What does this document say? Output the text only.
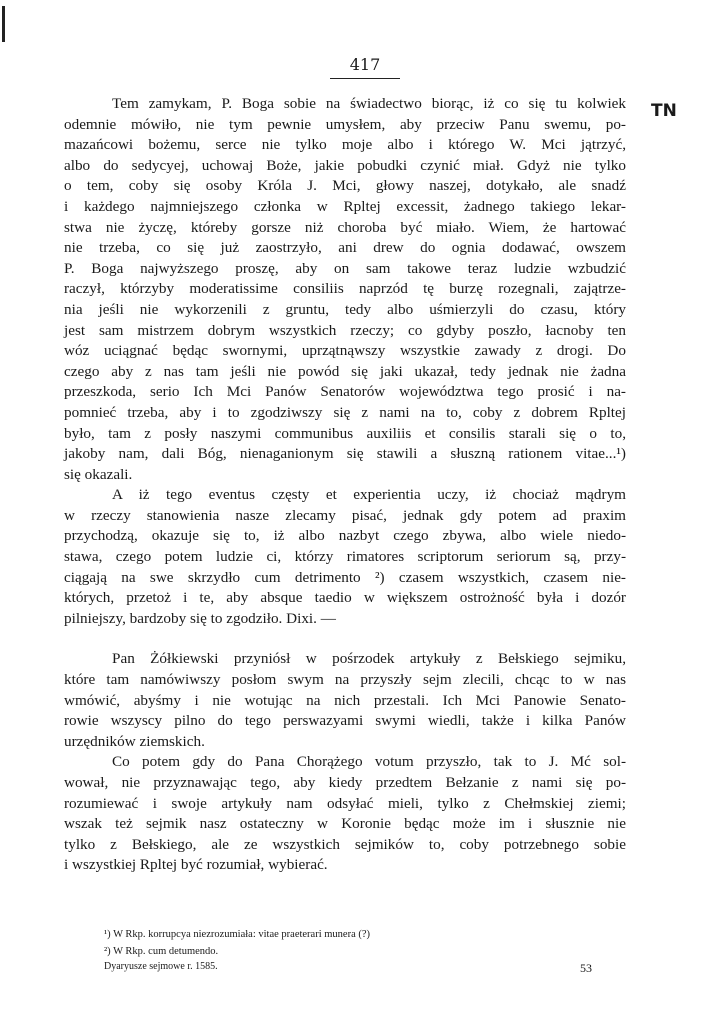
417
TN
Tem zamykam, P. Boga sobie na świadectwo biorąc, iż co się tu kolwiek
odemnie mówiło, nie tym pewnie umysłem, aby przeciw Panu swemu, po-
mazańcowi bożemu, serce nie tylko moje albo i którego W. Mci jątrzyć,
albo do sedycyej, uchowaj Boże, jakie pobudki czynić miał. Gdyż nie tylko
o tem, coby się osoby Króla J. Mci, głowy naszej, dotykało, ale snadź
i każdego najmniejszego członka w Rpltej excessit, żadnego takiego lekar-
stwa nie życzę, któreby gorsze niż choroba być miało. Wiem, że hartować
nie trzeba, co się już zaostrzyło, ani drew do ognia dodawać, owszem
P. Boga najwyższego proszę, aby on sam takowe teraz ludzie wzbudzić
raczył, którzyby moderatissime consiliis naprzód tę burzę rozegnali, zajątrze-
nia jeśli nie wykorzenili z gruntu, tedy albo uśmierzyli do czasu, który
jest sam mistrzem dobrym wszystkich rzeczy; co gdyby poszło, łacnoby ten
wóz uciągnać będąc swornymi, uprzątnąwszy wszystkie zawady z drogi. Do
czego aby z nas tam jeśli nie powód się jaki ukazał, tedy jednak nie żadna
przeszkoda, serio Ich Mci Panów Senatorów województwa tego prosić i na-
pomnieć trzeba, aby i to zgodziwszy się z nami na to, coby z dobrem Rpltej
było, tam z posły naszymi communibus auxiliis et consilis starali się o to,
jakoby nam, dali Bóg, nienaganionym się stawili a słuszną rationem vitae...¹)
się okazali.
A iż tego eventus częsty et experientia uczy, iż chociaż mądrym
w rzeczy stanowienia nasze zlecamy pisać, jednak gdy potem ad praxim
przychodzą, okazuje się to, iż albo nazbyt czego zbywa, albo wiele niedo-
stawa, czego potem ludzie ci, którzy rimatores scriptorum seriorum są, przy-
ciągają na swe skrzydło cum detrimento ²) czasem wszystkich, czasem nie-
których, przetoż i te, aby absque taedio w większem ostrożność była i dozór
pilniejszy, bardzoby się to zgodziło. Dixi. —
Pan Żółkiewski przyniósł w pośrzodek artykuły z Bełskiego sejmiku,
które tam namówiwszy posłom swym na przyszły sejm zlecili, chcąc to w nas
wmówić, abyśmy i nie wotując na nich przestali. Ich Mci Panowie Senato-
rowie wszyscy pilno do tego perswazyami swymi wiedli, także i kilka Panów
urzędników ziemskich.
Co potem gdy do Pana Chorążego votum przyszło, tak to J. Mć sol-
wował, nie przyznawając tego, aby kiedy przedtem Bełzanie z nami się po-
rozumiewać i swoje artykuły nam odsyłać mieli, tylko z Chełmskiej ziemi;
wszak też sejmik nasz ostateczny w Koronie będąc może im i słusznie nie
tylko z Bełskiego, ale ze wszystkich sejmików to, coby potrzebnego sobie
i wszystkiej Rpltej być rozumiał, wybierać.
¹) W Rkp. korrupcya niezrozumiała: vitae praeterari munera (?)
²) W Rkp. cum detumendo.
Dyaryusze sejmowe r. 1585.	53
